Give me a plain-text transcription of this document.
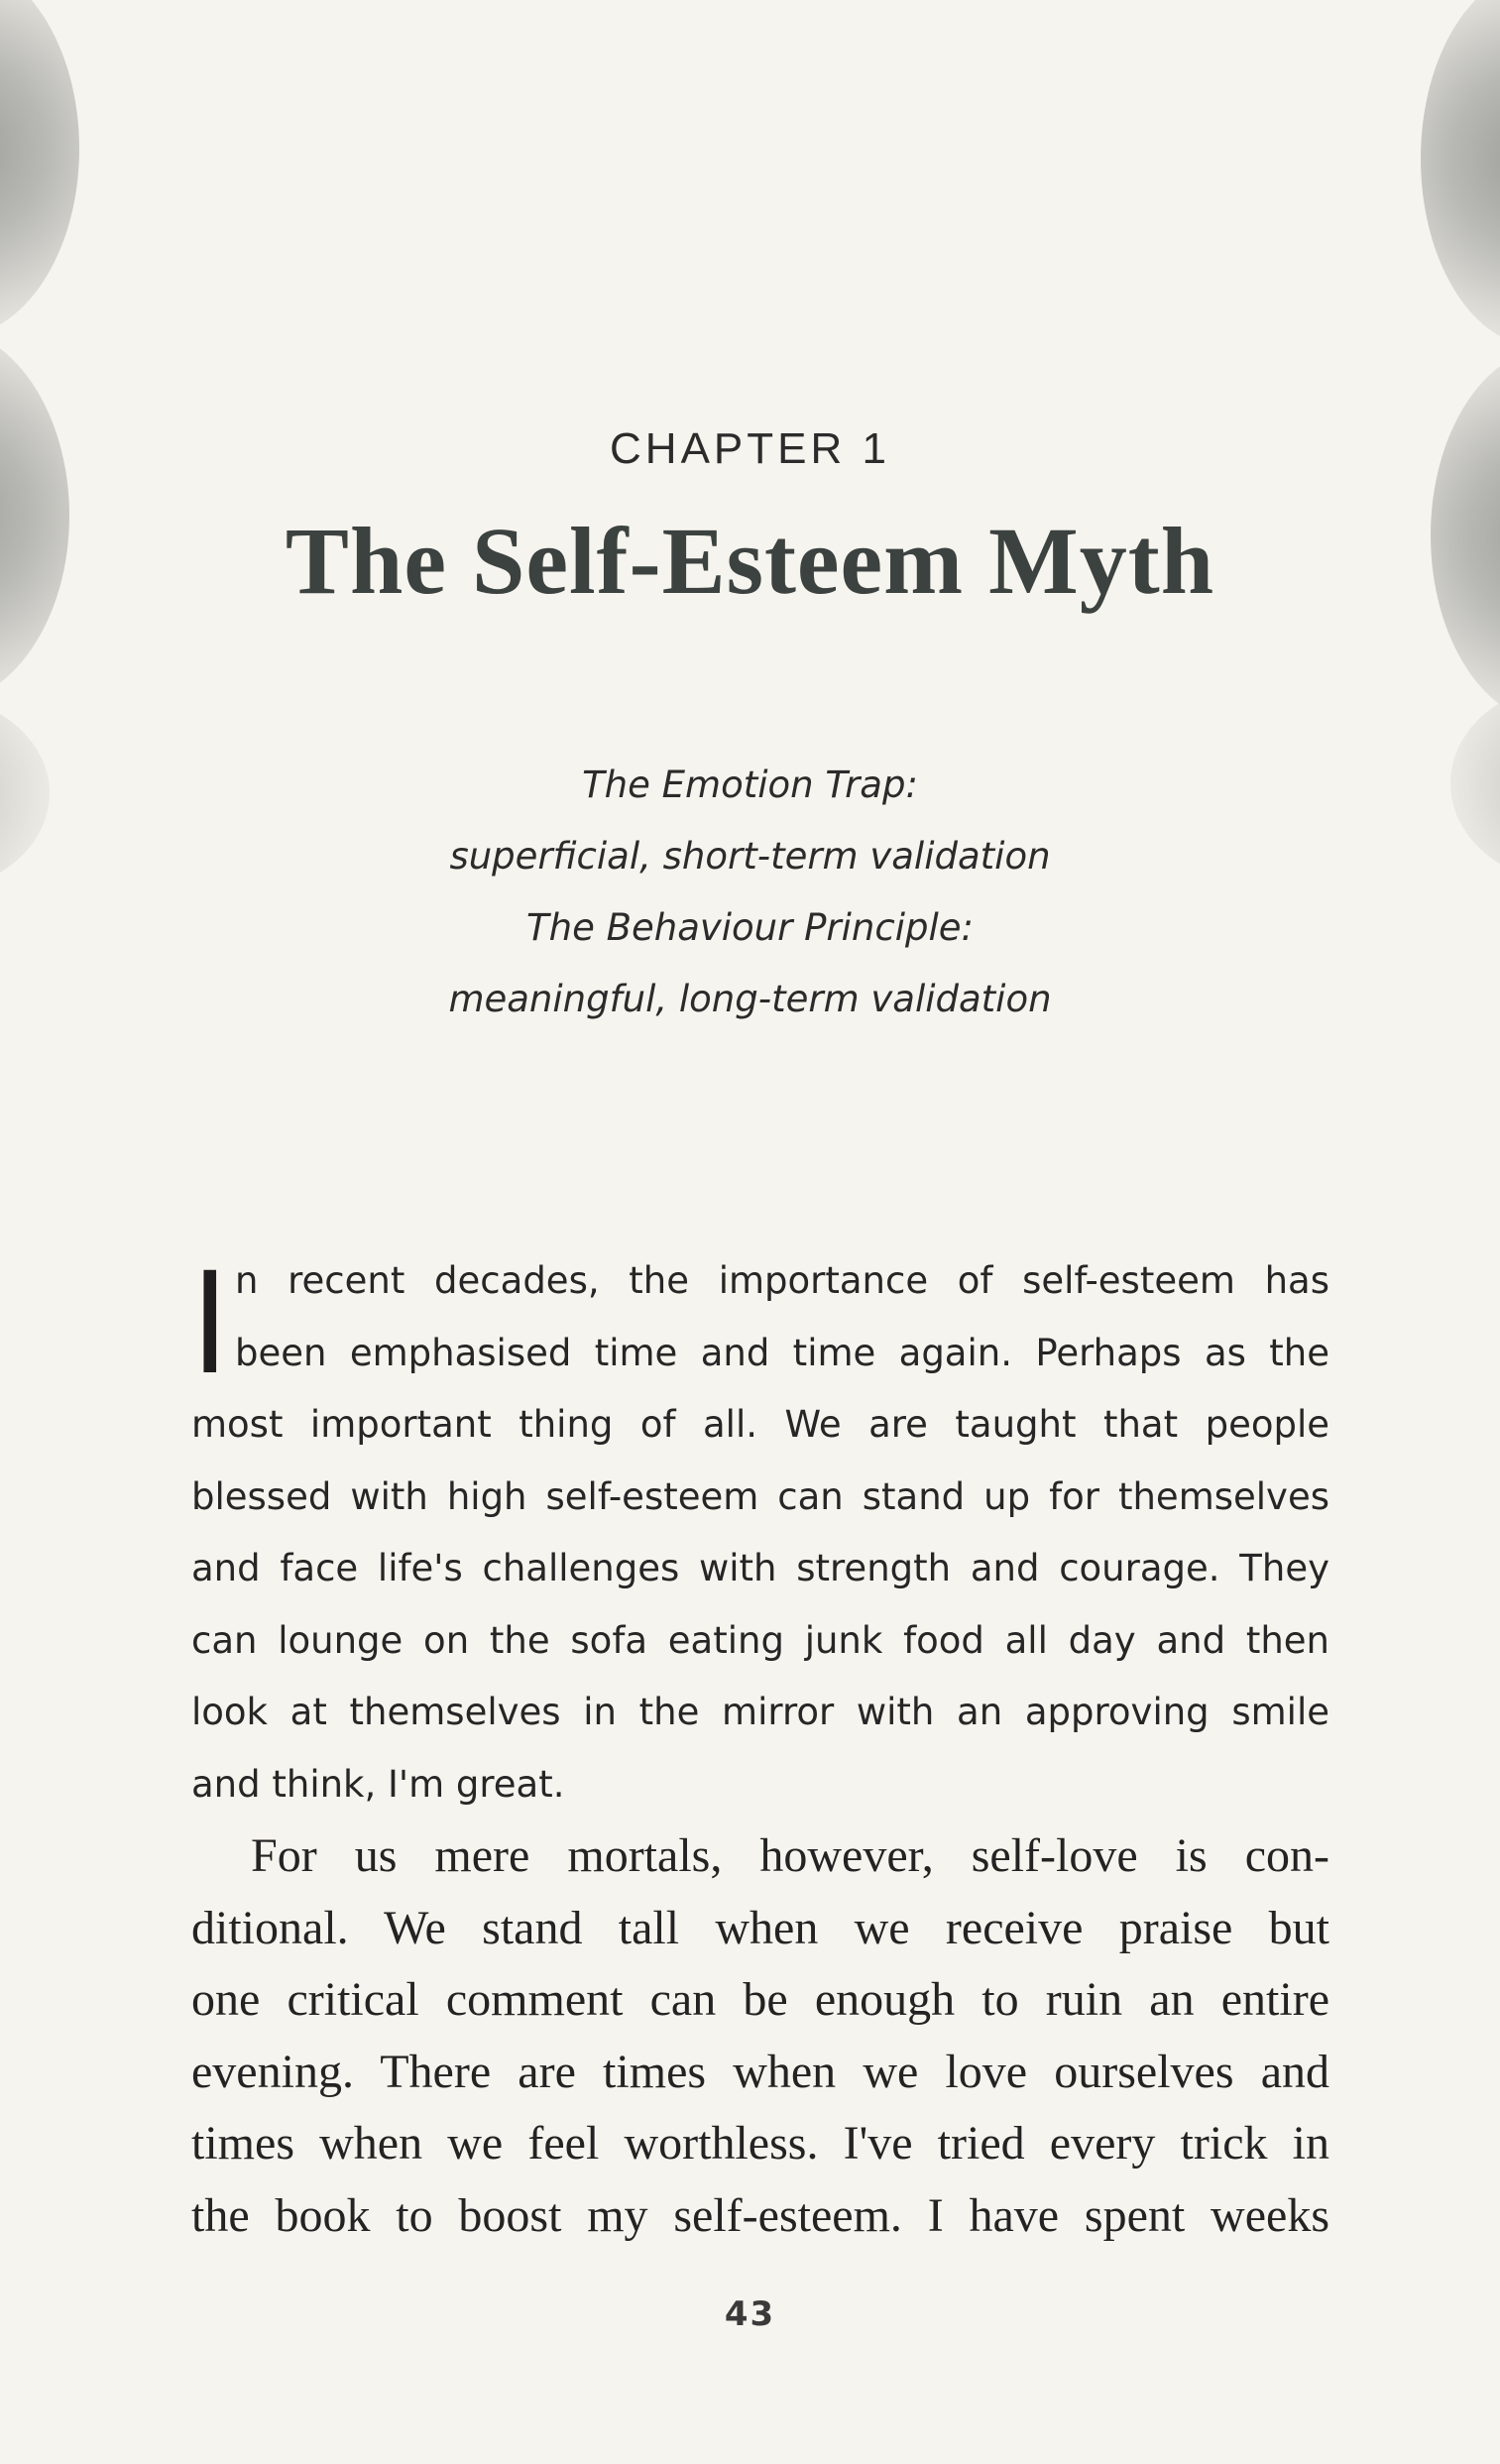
CHAPTER 1
The Self-Esteem Myth
The Emotion Trap:
superficial, short-term validation
The Behaviour Principle:
meaningful, long-term validation
I n recent decades, the importance of self-esteem has
been emphasised time and time again. Perhaps as the
most important thing of all. We are taught that people
blessed with high self-esteem can stand up for themselves
and face life's challenges with strength and courage. They
can lounge on the sofa eating junk food all day and then
look at themselves in the mirror with an approving smile
and think, I'm great.
For us mere mortals, however, self-love is con-
ditional. We stand tall when we receive praise but
one critical comment can be enough to ruin an entire
evening. There are times when we love ourselves and
times when we feel worthless. I've tried every trick in
the book to boost my self-esteem. I have spent weeks
43
